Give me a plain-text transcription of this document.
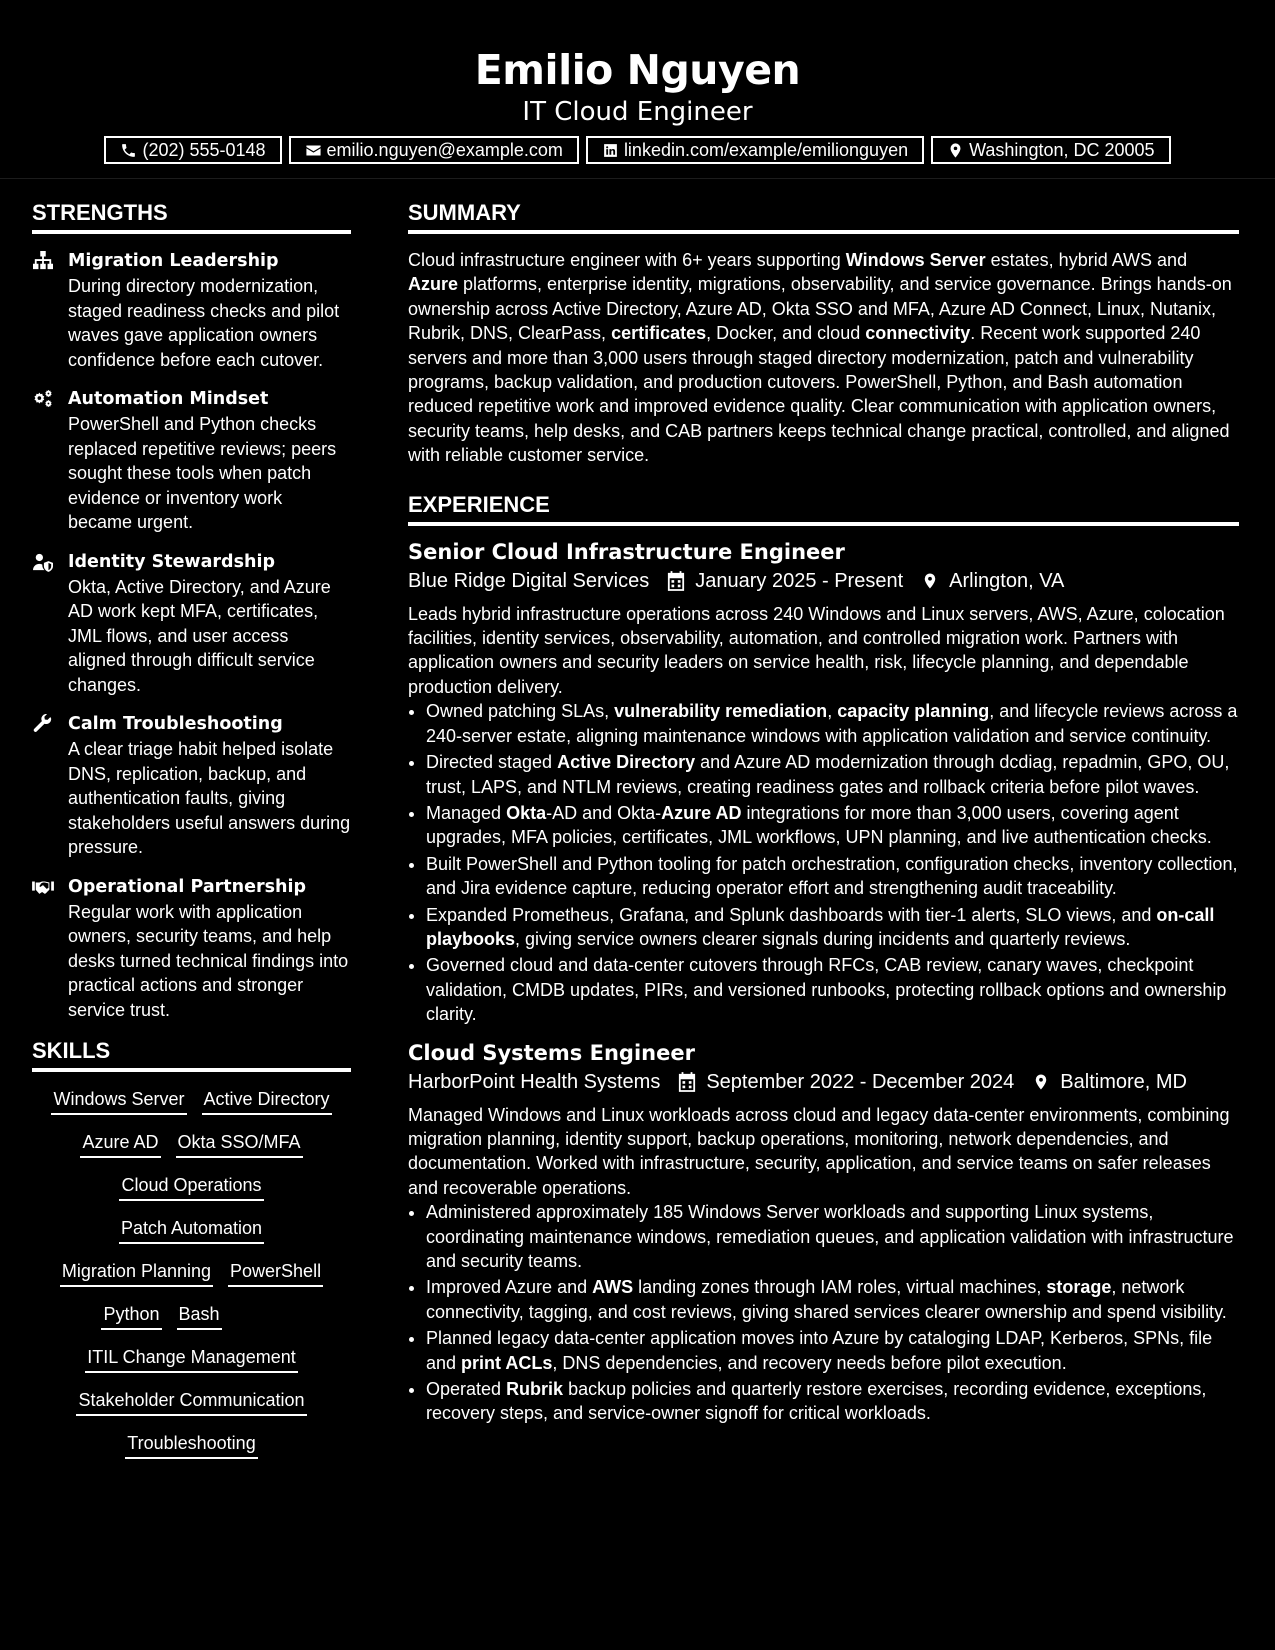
Emilio Nguyen
IT Cloud Engineer
(202) 555-0148	emilio.nguyen@example.com	linkedin.com/example/emilionguyen	Washington, DC 20005
STRENGTHS
Migration Leadership
During directory modernization, staged readiness checks and pilot waves gave application owners confidence before each cutover.
Automation Mindset
PowerShell and Python checks replaced repetitive reviews; peers sought these tools when patch evidence or inventory work became urgent.
Identity Stewardship
Okta, Active Directory, and Azure AD work kept MFA, certificates, JML flows, and user access aligned through difficult service changes.
Calm Troubleshooting
A clear triage habit helped isolate DNS, replication, backup, and authentication faults, giving stakeholders useful answers during pressure.
Operational Partnership
Regular work with application owners, security teams, and help desks turned technical findings into practical actions and stronger service trust.
SKILLS
Windows Server Active Directory
Azure AD Okta SSO/MFA
Cloud Operations
Patch Automation
Migration Planning PowerShell
Python Bash
ITIL Change Management
Stakeholder Communication
Troubleshooting
SUMMARY
Cloud infrastructure engineer with 6+ years supporting Windows Server estates, hybrid AWS and Azure platforms, enterprise identity, migrations, observability, and service governance. Brings hands-on ownership across Active Directory, Azure AD, Okta SSO and MFA, Azure AD Connect, Linux, Nutanix, Rubrik, DNS, ClearPass, certificates, Docker, and cloud connectivity. Recent work supported 240 servers and more than 3,000 users through staged directory modernization, patch and vulnerability programs, backup validation, and production cutovers. PowerShell, Python, and Bash automation reduced repetitive work and improved evidence quality. Clear communication with application owners, security teams, help desks, and CAB partners keeps technical change practical, controlled, and aligned with reliable customer service.
EXPERIENCE
Senior Cloud Infrastructure Engineer
Blue Ridge Digital Services January 2025 - Present Arlington, VA
Leads hybrid infrastructure operations across 240 Windows and Linux servers, AWS, Azure, colocation facilities, identity services, observability, automation, and controlled migration work. Partners with application owners and security leaders on service health, risk, lifecycle planning, and dependable production delivery.
• Owned patching SLAs, vulnerability remediation, capacity planning, and lifecycle reviews across a 240-server estate, aligning maintenance windows with application validation and service continuity.
• Directed staged Active Directory and Azure AD modernization through dcdiag, repadmin, GPO, OU, trust, LAPS, and NTLM reviews, creating readiness gates and rollback criteria before pilot waves.
• Managed Okta-AD and Okta-Azure AD integrations for more than 3,000 users, covering agent upgrades, MFA policies, certificates, JML workflows, UPN planning, and live authentication checks.
• Built PowerShell and Python tooling for patch orchestration, configuration checks, inventory collection, and Jira evidence capture, reducing operator effort and strengthening audit traceability.
• Expanded Prometheus, Grafana, and Splunk dashboards with tier-1 alerts, SLO views, and on-call playbooks, giving service owners clearer signals during incidents and quarterly reviews.
• Governed cloud and data-center cutovers through RFCs, CAB review, canary waves, checkpoint validation, CMDB updates, PIRs, and versioned runbooks, protecting rollback options and ownership clarity.
Cloud Systems Engineer
HarborPoint Health Systems September 2022 - December 2024 Baltimore, MD
Managed Windows and Linux workloads across cloud and legacy data-center environments, combining migration planning, identity support, backup operations, monitoring, network dependencies, and documentation. Worked with infrastructure, security, application, and service teams on safer releases and recoverable operations.
• Administered approximately 185 Windows Server workloads and supporting Linux systems, coordinating maintenance windows, remediation queues, and application validation with infrastructure and security teams.
• Improved Azure and AWS landing zones through IAM roles, virtual machines, storage, network connectivity, tagging, and cost reviews, giving shared services clearer ownership and spend visibility.
• Planned legacy data-center application moves into Azure by cataloging LDAP, Kerberos, SPNs, file and print ACLs, DNS dependencies, and recovery needs before pilot execution.
• Operated Rubrik backup policies and quarterly restore exercises, recording evidence, exceptions, recovery steps, and service-owner signoff for critical workloads.
